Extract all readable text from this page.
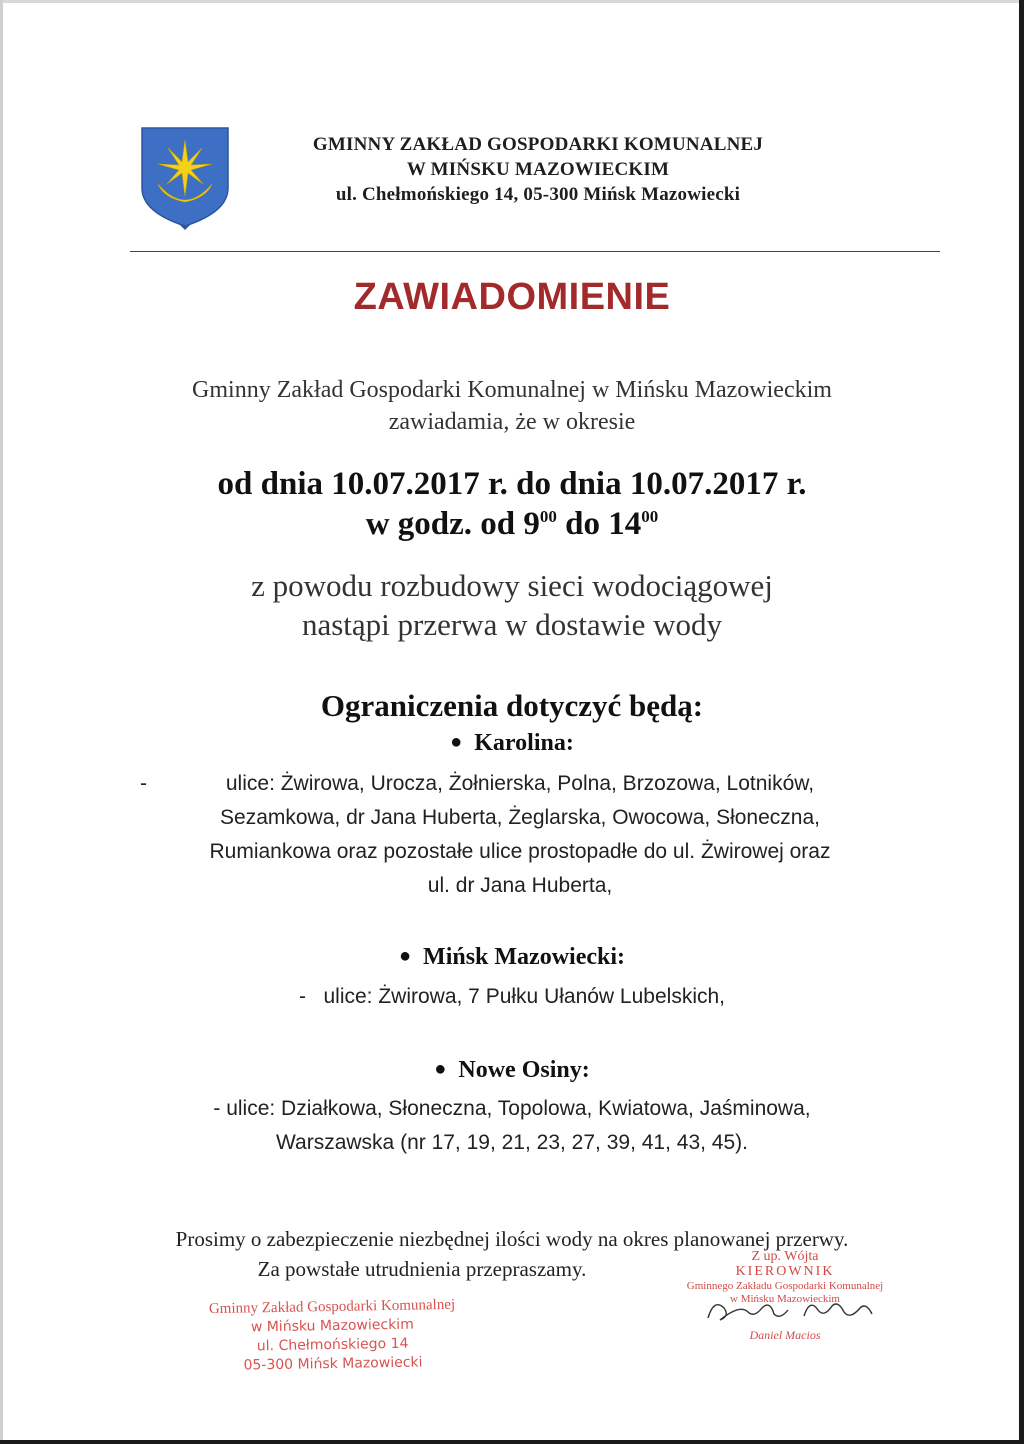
GMINNY ZAKŁAD GOSPODARKI KOMUNALNEJ
W MIŃSKU MAZOWIECKIM
ul. Chełmońskiego 14, 05-300 Mińsk Mazowiecki
ZAWIADOMIENIE
Gminny Zakład Gospodarki Komunalnej w Mińsku Mazowieckim
zawiadamia, że w okresie
od dnia 10.07.2017 r. do dnia 10.07.2017 r.
w godz. od $9^{00}$ do $14^{00}$
z powodu rozbudowy sieci wodociągowej
nastąpi przerwa w dostawie wody
Ograniczenia dotyczyć będą:
● Karolina:
-	ulice: Żwirowa, Urocza, Żołnierska, Polna, Brzozowa, Lotników,
Sezamkowa, dr Jana Huberta, Żeglarska, Owocowa, Słoneczna,
Rumiankowa oraz pozostałe ulice prostopadłe do ul. Żwirowej oraz
ul. dr Jana Huberta,
● Mińsk Mazowiecki:
-   ulice: Żwirowa, 7 Pułku Ułanów Lubelskich,
● Nowe Osiny:
- ulice: Działkowa, Słoneczna, Topolowa, Kwiatowa, Jaśminowa,
Warszawska (nr 17, 19, 21, 23, 27, 39, 41, 43, 45).
Prosimy o zabezpieczenie niezbędnej ilości wody na okres planowanej przerwy.
Za powstałe utrudnienia przepraszamy.
Gminny Zakład Gospodarki Komunalnej
w Mińsku Mazowieckim
ul. Chełmońskiego 14
05-300 Mińsk Mazowiecki
Z up. Wójta
KIEROWNIK
Gminnego Zakładu Gospodarki Komunalnej
w Mińsku Mazowieckim
Daniel Macios
